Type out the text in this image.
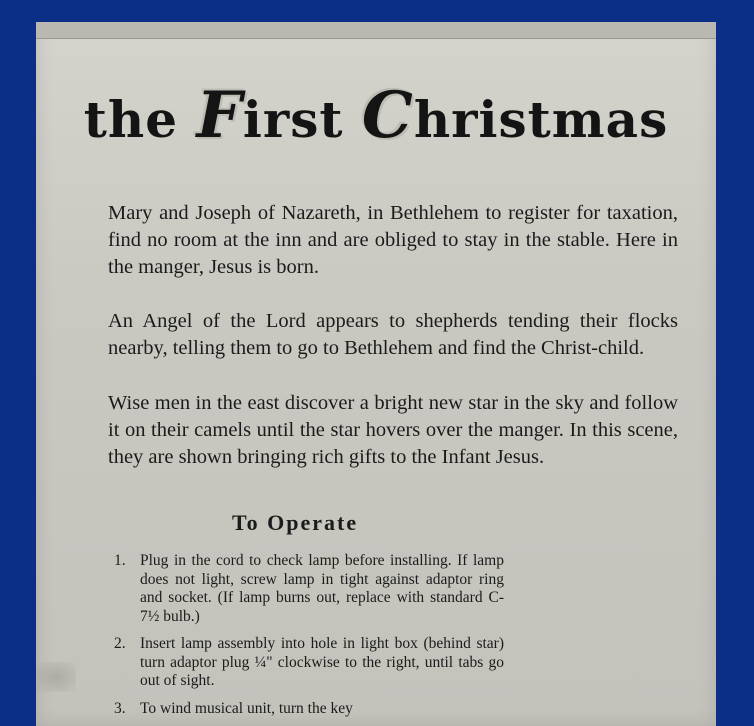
the First Christmas

Mary and Joseph of Nazareth, in Bethlehem to register for taxation, find no room at the inn and are obliged to stay in the stable. Here in the manger, Jesus is born.

An Angel of the Lord appears to shepherds tending their flocks nearby, telling them to go to Bethlehem and find the Christ-child.

Wise men in the east discover a bright new star in the sky and follow it on their camels until the star hovers over the manger. In this scene, they are shown bringing rich gifts to the Infant Jesus.

To Operate
1. Plug in the cord to check lamp before installing. If lamp does not light, screw lamp in tight against adaptor ring and socket. (If lamp burns out, replace with standard C-7½ bulb.)
2. Insert lamp assembly into hole in light box (behind star) turn adaptor plug ¼" clockwise to the right, until tabs go out of sight.
3. To wind musical unit, turn the key
